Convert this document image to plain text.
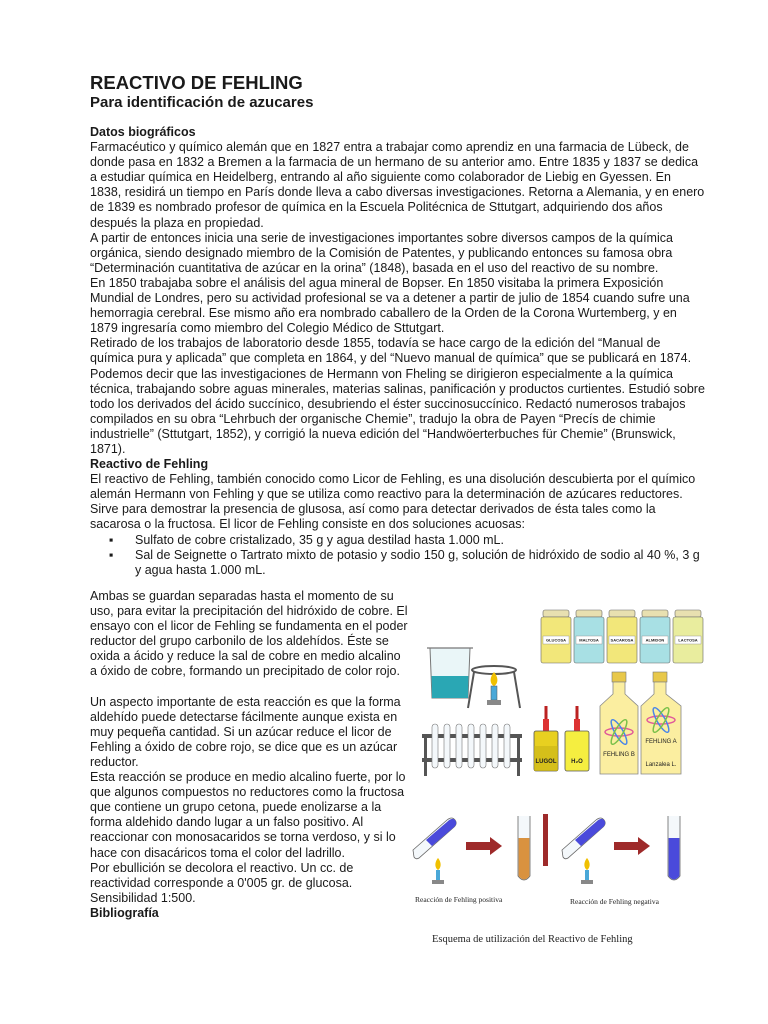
REACTIVO DE FEHLING
Para identificación de azucares

Datos biográficos

Farmacéutico y químico alemán que en 1827 entra a trabajar como aprendiz en una farmacia de Lübeck, de donde pasa en 1832 a Bremen a la farmacia de un hermano de su anterior amo. Entre 1835 y 1837 se dedica a estudiar química en Heidelberg, entrando al año siguiente como colaborador de Liebig en Gyessen. En 1838, residirá un tiempo en París donde lleva a cabo diversas investigaciones. Retorna a Alemania, y en enero de 1839 es nombrado profesor de química en la Escuela Politécnica de Sttutgart, adquiriendo dos años después la plaza en propiedad.

A partir de entonces inicia una serie de investigaciones importantes sobre diversos campos de la química orgánica, siendo designado miembro de la Comisión de Patentes, y publicando entonces su famosa obra “Determinación cuantitativa de azúcar en la orina” (1848), basada en el uso del reactivo de su nombre.

En 1850 trabajaba sobre el análisis del agua mineral de Bopser. En 1850 visitaba la primera Exposición Mundial de Londres, pero su actividad profesional se va a detener a partir de julio de 1854 cuando sufre una hemorragia cerebral. Ese mismo año era nombrado caballero de la Orden de la Corona Wurtemberg, y en 1879 ingresaría como miembro del Colegio Médico de Sttutgart.

Retirado de los trabajos de laboratorio desde 1855, todavía se hace cargo de la edición del “Manual de química pura y aplicada” que completa en 1864, y del “Nuevo manual de química” que se publicará en 1874. Podemos decir que las investigaciones de Hermann von Fheling se dirigieron especialmente a la química técnica, trabajando sobre aguas minerales, materias salinas, panificación y productos curtientes. Estudió sobre todo los derivados del ácido succínico, desubriendo el éster succinosuccínico. Redactó numerosos trabajos compilados en su obra “Lehrbuch der organische Chemie”, tradujo la obra de Payen “Precís de chimie industrielle” (Sttutgart, 1852), y corrigió la nueva edición del “Handwöerterbuches für Chemie” (Brunswick, 1871).

Reactivo de Fehling

El reactivo de Fehling, también conocido como Licor de Fehling, es una disolución descubierta por el químico alemán Hermann von Fehling y que se utiliza como reactivo para la determinación de azúcares reductores.

Sirve para demostrar la presencia de glusosa, así como para detectar derivados de ésta tales como la sacarosa o la fructosa. El licor de Fehling consiste en dos soluciones acuosas:

▪ Sulfato de cobre cristalizado, 35 g y agua destilad hasta 1.000 mL.
▪ Sal de Seignette o Tartrato mixto de potasio y sodio 150 g, solución de hidróxido de sodio al 40 %, 3 g y agua hasta 1.000 mL.

Ambas se guardan separadas hasta el momento de su uso, para evitar la precipitación del hidróxido de cobre. El ensayo con el licor de Fehling se fundamenta en el poder reductor del grupo carbonilo de los aldehídos. Éste se oxida a ácido y reduce la sal de cobre en medio alcalino a óxido de cobre, formando un precipitado de color rojo.

Un aspecto importante de esta reacción es que la forma aldehído puede detectarse fácilmente aunque exista en muy pequeña cantidad. Si un azúcar reduce el licor de Fehling a óxido de cobre rojo, se dice que es un azúcar reductor.

Esta reacción se produce en medio alcalino fuerte, por lo que algunos compuestos no reductores como la fructosa que contiene un grupo cetona, puede enolizarse a la forma aldehido dando lugar a un falso positivo. Al reaccionar con monosacaridos se torna verdoso, y si lo hace con disacáricos toma el color del ladrillo.

Por ebullición se decolora el reactivo. Un cc. de reactividad corresponde a 0'005 gr. de glucosa.

Sensibilidad 1:500.

Bibliografía

GLUCOSA	MALTOSA	SACAROSA	ALMIDON	LACTOSA
LUGOL H₂O
FEHLING B
FEHLING A
Lanzalea L.
Reacción de Fehling positiva	Reacción de Fehling negativa
Esquema de utilización del Reactivo de Fehling
